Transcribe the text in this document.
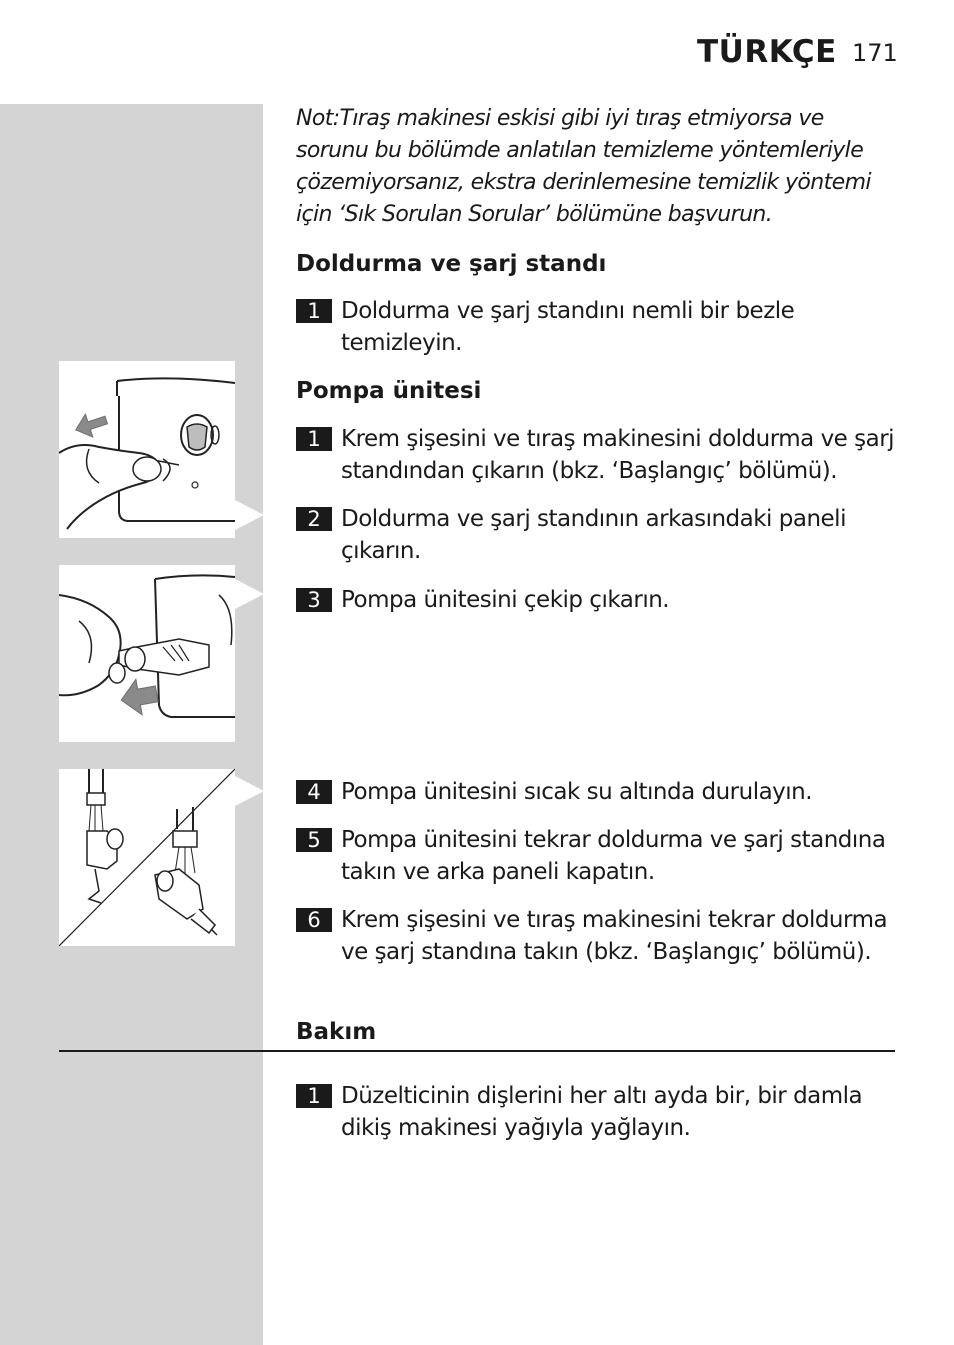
TÜRKÇE 171
Not:Tıraş makinesi eskisi gibi iyi tıraş etmiyorsa ve sorunu bu bölümde anlatılan temizleme yöntemleriyle çözemiyorsanız, ekstra derinlemesine temizlik yöntemi için ‘Sık Sorulan Sorular’ bölümüne başvurun.
Doldurma ve şarj standı
1 Doldurma ve şarj standını nemli bir bezle temizleyin.
Pompa ünitesi
1 Krem şişesini ve tıraş makinesini doldurma ve şarj standından çıkarın (bkz. ‘Başlangıç’ bölümü).
2 Doldurma ve şarj standının arkasındaki paneli çıkarın.
3 Pompa ünitesini çekip çıkarın.
4 Pompa ünitesini sıcak su altında durulayın.
5 Pompa ünitesini tekrar doldurma ve şarj standına takın ve arka paneli kapatın.
6 Krem şişesini ve tıraş makinesini tekrar doldurma ve şarj standına takın (bkz. ‘Başlangıç’ bölümü).
Bakım
1 Düzelticinin dişlerini her altı ayda bir, bir damla dikiş makinesi yağıyla yağlayın.
